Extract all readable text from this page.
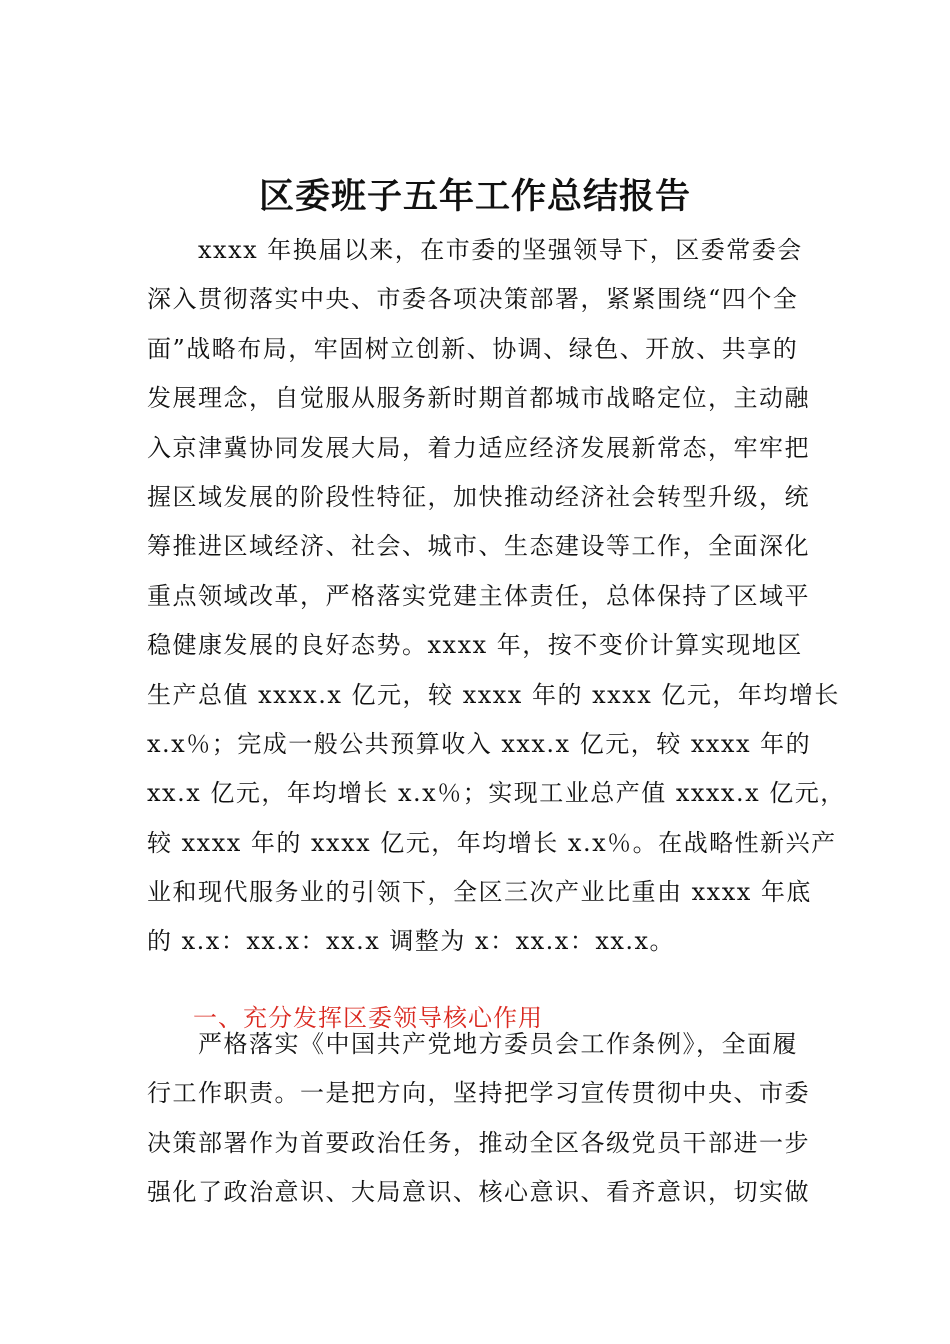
区委班子五年工作总结报告
　　xxxx 年换届以来，在市委的坚强领导下，区委常委会
深入贯彻落实中央、市委各项决策部署，紧紧围绕“四个全
面”战略布局，牢固树立创新、协调、绿色、开放、共享的
发展理念，自觉服从服务新时期首都城市战略定位，主动融
入京津冀协同发展大局，着力适应经济发展新常态，牢牢把
握区域发展的阶段性特征，加快推动经济社会转型升级，统
筹推进区域经济、社会、城市、生态建设等工作，全面深化
重点领域改革，严格落实党建主体责任，总体保持了区域平
稳健康发展的良好态势。xxxx 年，按不变价计算实现地区
生产总值 xxxx.x 亿元，较 xxxx 年的 xxxx 亿元，年均增长
x.x％；完成一般公共预算收入 xxx.x 亿元，较 xxxx 年的
xx.x 亿元，年均增长 x.x％；实现工业总产值 xxxx.x 亿元，
较 xxxx 年的 xxxx 亿元，年均增长 x.x％。在战略性新兴产
业和现代服务业的引领下，全区三次产业比重由 xxxx 年底
的 x.x：xx.x：xx.x 调整为 x：xx.x：xx.x。
一、充分发挥区委领导核心作用
　　严格落实《中国共产党地方委员会工作条例》，全面履
行工作职责。一是把方向，坚持把学习宣传贯彻中央、市委
决策部署作为首要政治任务，推动全区各级党员干部进一步
强化了政治意识、大局意识、核心意识、看齐意识，切实做
